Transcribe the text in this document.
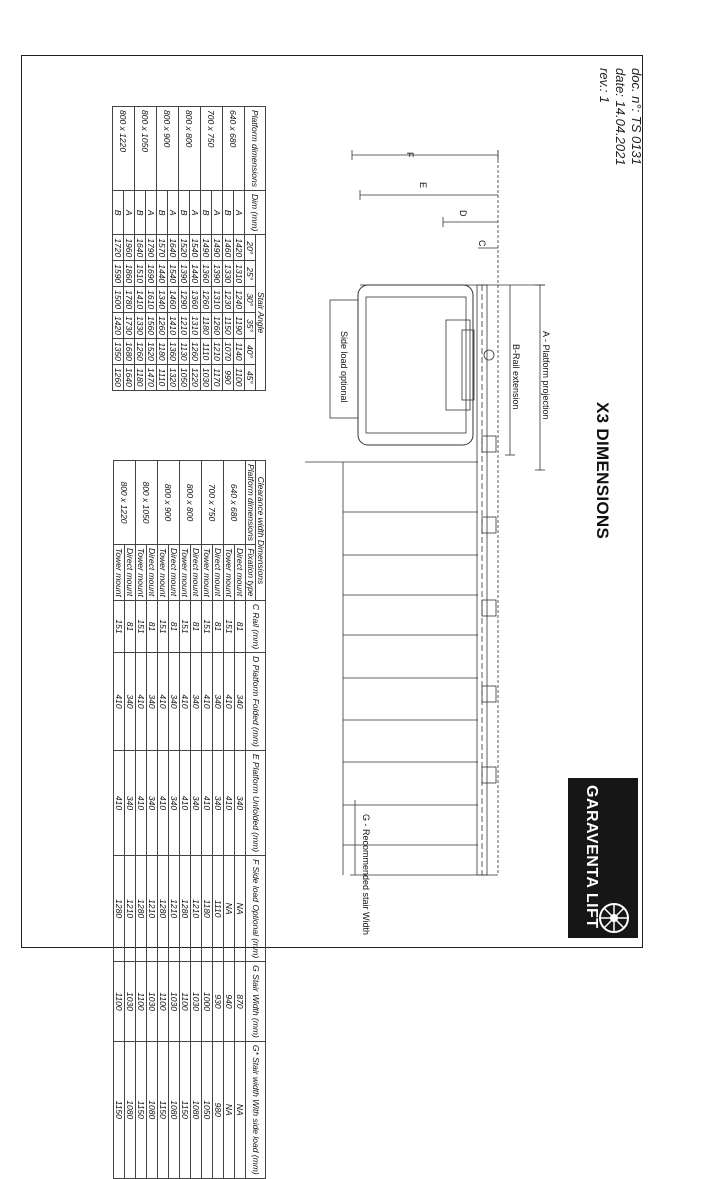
doc. n°: TS 0131
date: 14.04.2021
rev.: 1
X3 DIMENSIONS
GARAVENTA LIFT
F
E
D
C
A - Platform projection
B-Rail extension
Side load optional
G - Recommended stair Width
Platform dimensions	Dim (mm)	Stair Angle					
		20°	25°	30°	35°	40°	45°
640 x 680	A	1420	1310	1240	1190	1140	1100
	B	1460	1330	1230	1150	1070	990
700 x 750	A	1490	1390	1310	1260	1210	1170
	B	1490	1360	1260	1180	1110	1030
800 x 800	A	1540	1440	1360	1310	1260	1220
	B	1520	1390	1290	1210	1130	1050
800 x 900	A	1640	1540	1460	1410	1360	1320
	B	1570	1440	1340	1260	1180	1110
800 x 1050	A	1790	1690	1610	1560	1520	1470
	B	1640	1510	1410	1330	1260	1180
800 x 1220	A	1960	1860	1780	1730	1680	1640
	B	1720	1590	1500	1420	1350	1260
Clearance width Dimensions		C Rail (mm)	D Platform Folded (mm)	E Platform Unfolded (mm)	F Side load Optional (mm)	G Stair Width (mm)	G* Stair width With side load (mm)
Platform dimensions	Fixation type						
640 x 680	Direct mount	81	340	340	NA	870	NA
	Tower mount	151	410	410	NA	940	NA
700 x 750	Direct mount	81	340	340	1110	930	980
	Tower mount	151	410	410	1180	1000	1050
800 x 800	Direct mount	81	340	340	1210	1030	1080
	Tower mount	151	410	410	1280	1100	1150
800 x 900	Direct mount	81	340	340	1210	1030	1080
	Tower mount	151	410	410	1280	1100	1150
800 x 1050	Direct mount	81	340	340	1210	1030	1080
	Tower mount	151	410	410	1280	1100	1150
800 x 1220	Direct mount	81	340	340	1210	1030	1080
	Tower mount	151	410	410	1280	1100	1150
